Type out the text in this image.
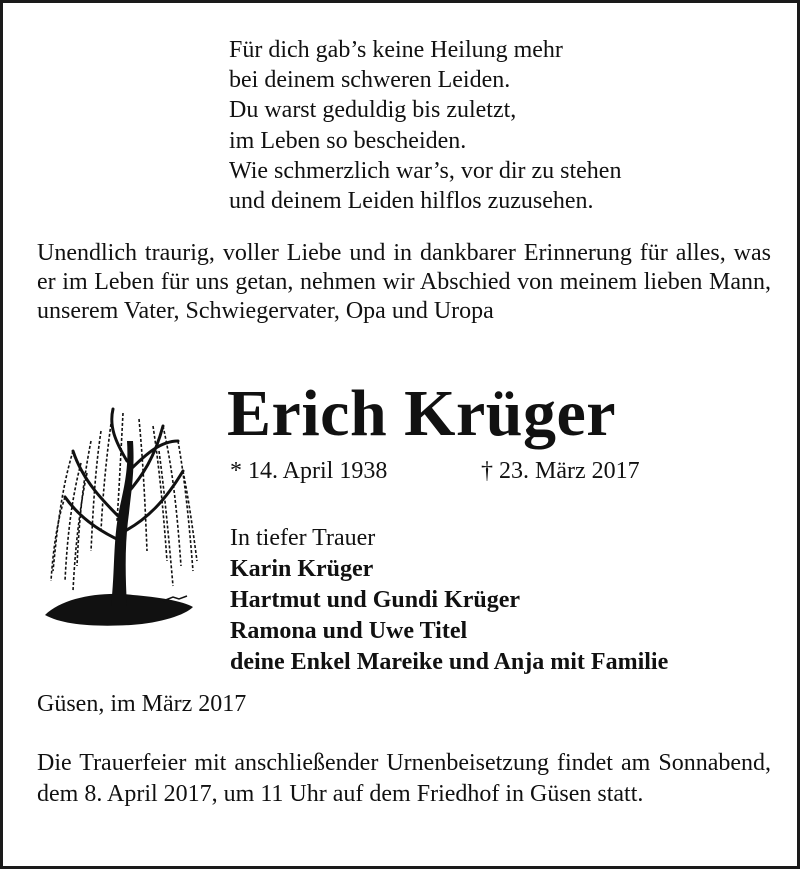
Für dich gab’s keine Heilung mehr
bei deinem schweren Leiden.
Du warst geduldig bis zuletzt,
im Leben so bescheiden.
Wie schmerzlich war’s, vor dir zu stehen
und deinem Leiden hilflos zuzusehen.
Unendlich traurig, voller Liebe und in dankbarer Erinnerung für alles, was er im Leben für uns getan, nehmen wir Abschied von meinem lieben Mann, unserem Vater, Schwiegervater, Opa und Uropa
Erich Krüger
* 14. April 1938	† 23. März 2017
In tiefer Trauer
Karin Krüger
Hartmut und Gundi Krüger
Ramona und Uwe Titel
deine Enkel Mareike und Anja mit Familie
Güsen, im März 2017
Die Trauerfeier mit anschließender Urnenbeisetzung findet am Sonnabend, dem 8. April 2017, um 11 Uhr auf dem Friedhof in Güsen statt.
